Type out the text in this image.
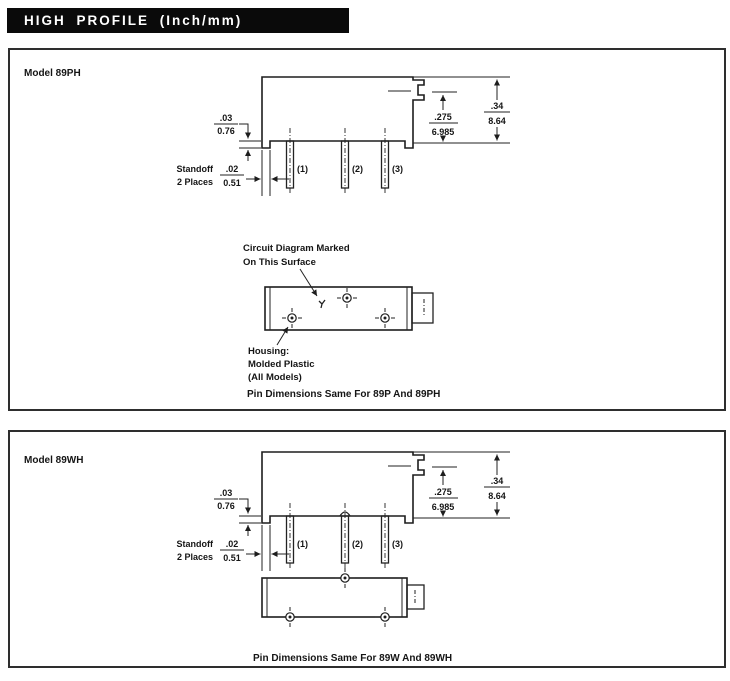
HIGH PROFILE (Inch/mm)
Model 89PH
(1)	(2)	(3)
.03
0.76
Standoff
2 Places
.02
0.51
.275
6.985
.34
8.64
Circuit Diagram Marked
On This Surface
Housing:
Molded Plastic
(All Models)
Pin Dimensions Same For 89P And 89PH
Model 89WH
(1)	(2)	(3)
.03
0.76
Standoff
2 Places
.02
0.51
.275
6.985
.34
8.64
Pin Dimensions Same For 89W And 89WH
